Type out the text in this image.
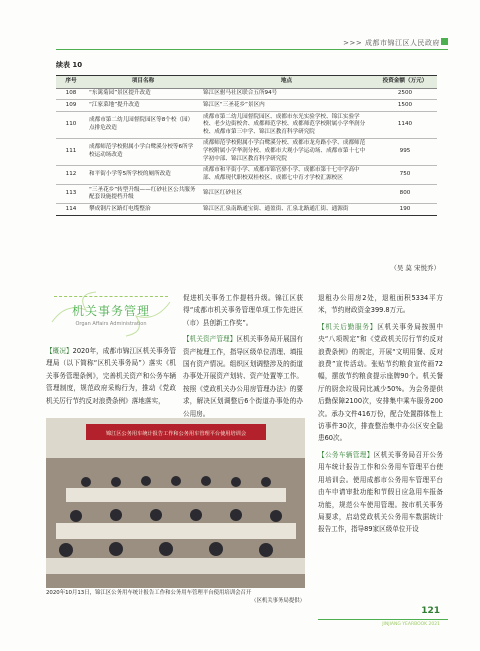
>>> 成都市锦江区人民政府
续表 10
序号	项目名称	地点	投资金额（万元）
108	“东篱菊园”景区提升改造	锦江区驸马社区联合五所94号	2500
109	“江家菜地”提升改造	锦江区“三圣花乡”景区内	1500
110	成都市第二幼儿园督院园区等8个校（园）点排危改造	成都市第二幼儿园督院园区、成都市东光实验学校、锦江实验学校、老少边街校舍、成都师范学校、成都师范学校附属小学华润分校、成都市第三中学、锦江区教育科学研究院	1140
111	成都师范学校附属小学白鹭溪分校等6所学校运动场改造	成都师范学校附属小学白鹭溪分校、成都市龙舟路小学、成都师范学校附属小学华润分校、成都市大观小学运动场、成都市第十七中学初中部、锦江区教育科学研究院	995
112	和平街小学等5所学校的厕所改造	成都市和平街小学、成都市锦官驿小学、成都市第十七中学高中部、成都现代职校双桂校区、成都七中育才学校汇源校区	750
113	“三圣花乡”转型升级——红砂社区公共服务配套设施提档升级	锦江区红砂社区	800
114	攀成钢片区路灯电缆整治	锦江区汇泉南路通宝街、通盈街、汇泉北路通汇街、通源街	190
（吴 莫 宋悦乔）
机关事务管理
Organ Affairs Administration
【概况】2020年，成都市锦江区机关事务管理局（以下简称“区机关事务局”）落实《机关事务管理条例》，完善机关资产和公务车辆管理制度，规范政府采购行为，推动《党政机关厉行节约反对浪费条例》落地落实，
促进机关事务工作提档升级。锦江区获得“成都市机关事务管理单项工作先进区（市）县创新工作奖”。
【机关资产管理】区机关事务局开展国有资产梳理工作，指导区级单位清理、填报国有资产情况。组织区划调整涉及的街道办事处开展资产划转、资产处置等工作。按照《党政机关办公用房管理办法》的要求，解决区划调整后6个街道办事处的办公用房。
退租办公用房2处，退租面积5334平方米，节约财政资金399.8万元。
【机关后勤服务】区机关事务局按照中央“八项规定”和《党政机关厉行节约反对浪费条例》的规定，开展“文明用餐、反对浪费”宣传活动。张贴节约粮食宣传画72幅，摆放节约粮食提示座牌90个。机关餐厅的厨余垃圾同比减少50%。为会务提供后勤保障2100次，安排集中乘车服务200次。承办文件416万份，配合处置群体性上访事件30次，排查整治集中办公区安全隐患60次。
【公务车辆管理】区机关事务局召开公务用车统计报告工作和公务用车管理平台使用培训会。使用成都市公务用车管理平台由车申请审批功能和节假日应急用车报备功能，规范公车使用管理。按市机关事务局要求，启动党政机关公务用车数据统计报告工作，指导89家区级单位开设
锦江区公务用车统计报告工作和公务用车管理平台使用培训会
2020年10月13日，锦江区公务用车统计报告工作和公务用车管理平台使用培训会召开
（区机关事务局提供）
121
JINJIANG YEARBOOK 2021
